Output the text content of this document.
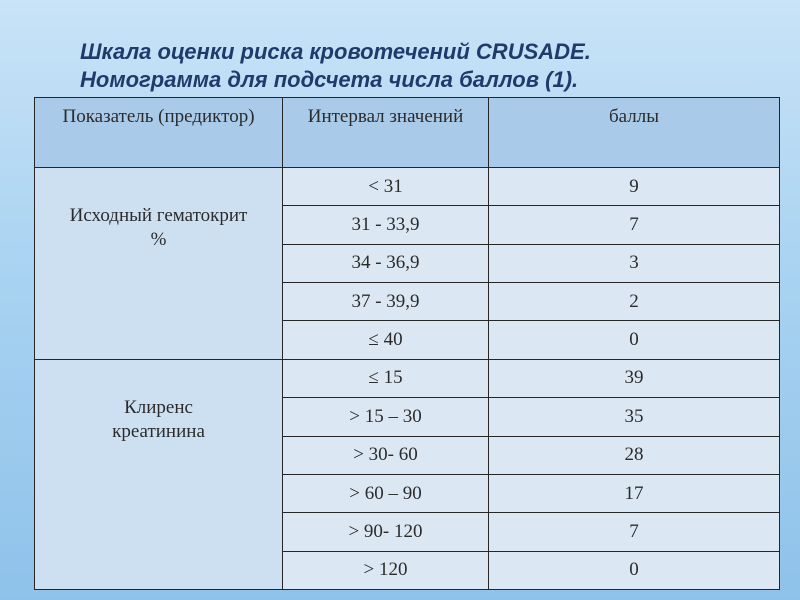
Шкала оценки риска кровотечений CRUSADE.
Номограмма для подсчета числа баллов (1).
Показатель (предиктор)	Интервал значений	баллы
Исходный гематокрит
%	< 31	9
	31 - 33,9	7
	34 - 36,9	3
	37 - 39,9	2
	≤ 40	0
Клиренс
креатинина	≤ 15	39
	> 15 – 30	35
	> 30- 60	28
	> 60 – 90	17
	> 90- 120	7
	> 120	0
